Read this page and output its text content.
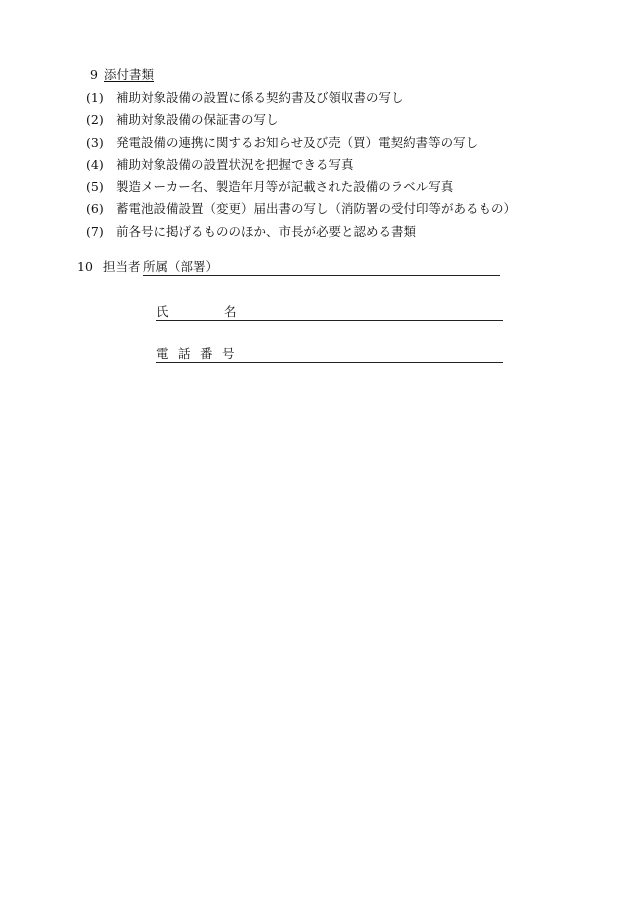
9 添付書類
(1) 補助対象設備の設置に係る契約書及び領収書の写し
(2) 補助対象設備の保証書の写し
(3) 発電設備の連携に関するお知らせ及び売（買）電契約書等の写し
(4) 補助対象設備の設置状況を把握できる写真
(5) 製造メーカー名、製造年月等が記載された設備のラベル写真
(6) 蓄電池設備設置（変更）届出書の写し（消防署の受付印等があるもの）
(7) 前各号に掲げるもののほか、市長が必要と認める書類
10 担当者 所属（部署）
氏	名
電 話 番 号
